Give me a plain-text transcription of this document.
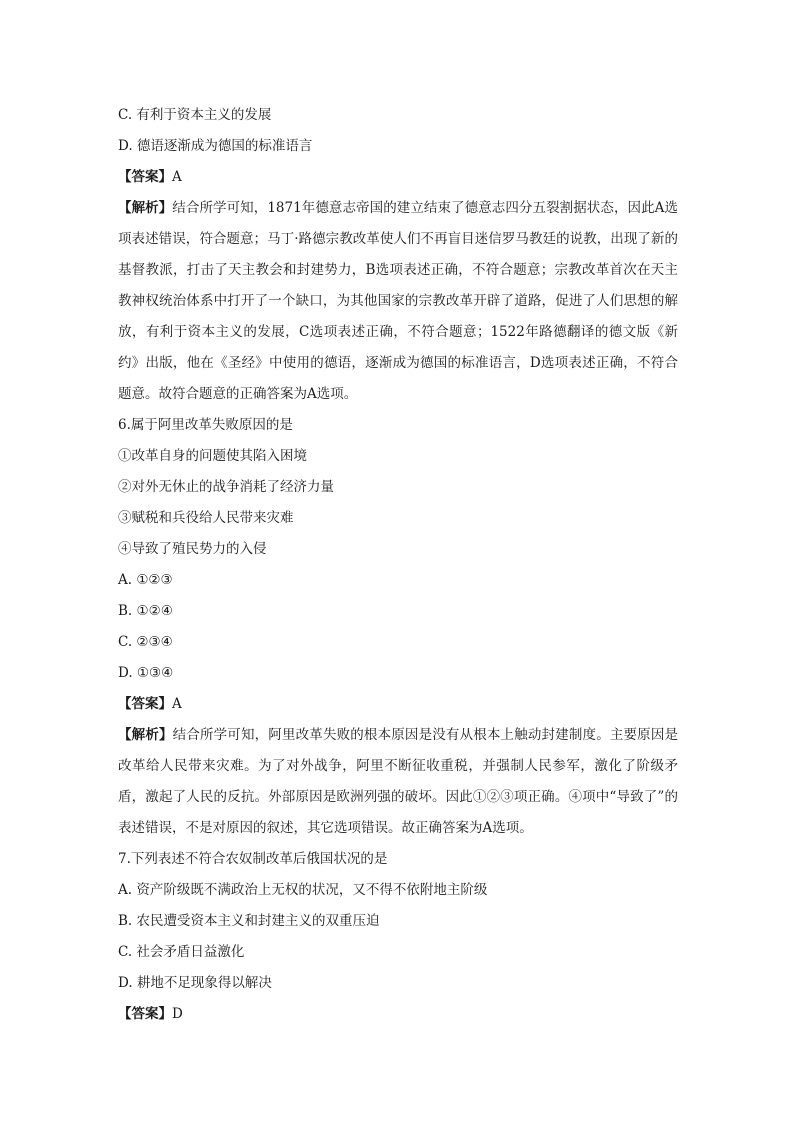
C. 有利于资本主义的发展
D. 德语逐渐成为德国的标准语言
【答案】A
【解析】结合所学可知，1871年德意志帝国的建立结束了德意志四分五裂割据状态，因此A选项表述错误，符合题意；马丁·路德宗教改革使人们不再盲目迷信罗马教廷的说教，出现了新的基督教派，打击了天主教会和封建势力，B选项表述正确，不符合题意；宗教改革首次在天主教神权统治体系中打开了一个缺口，为其他国家的宗教改革开辟了道路，促进了人们思想的解放，有利于资本主义的发展，C选项表述正确，不符合题意；1522年路德翻译的德文版《新约》出版，他在《圣经》中使用的德语，逐渐成为德国的标准语言，D选项表述正确，不符合题意。故符合题意的正确答案为A选项。
6.属于阿里改革失败原因的是
①改革自身的问题使其陷入困境
②对外无休止的战争消耗了经济力量
③赋税和兵役给人民带来灾难
④导致了殖民势力的入侵
A. ①②③
B. ①②④
C. ②③④
D. ①③④
【答案】A
【解析】结合所学可知，阿里改革失败的根本原因是没有从根本上触动封建制度。主要原因是改革给人民带来灾难。为了对外战争，阿里不断征收重税，并强制人民参军，激化了阶级矛盾，激起了人民的反抗。外部原因是欧洲列强的破坏。因此①②③项正确。④项中“导致了”的表述错误，不是对原因的叙述，其它选项错误。故正确答案为A选项。
7.下列表述不符合农奴制改革后俄国状况的是
A. 资产阶级既不满政治上无权的状况，又不得不依附地主阶级
B. 农民遭受资本主义和封建主义的双重压迫
C. 社会矛盾日益激化
D. 耕地不足现象得以解决
【答案】D
